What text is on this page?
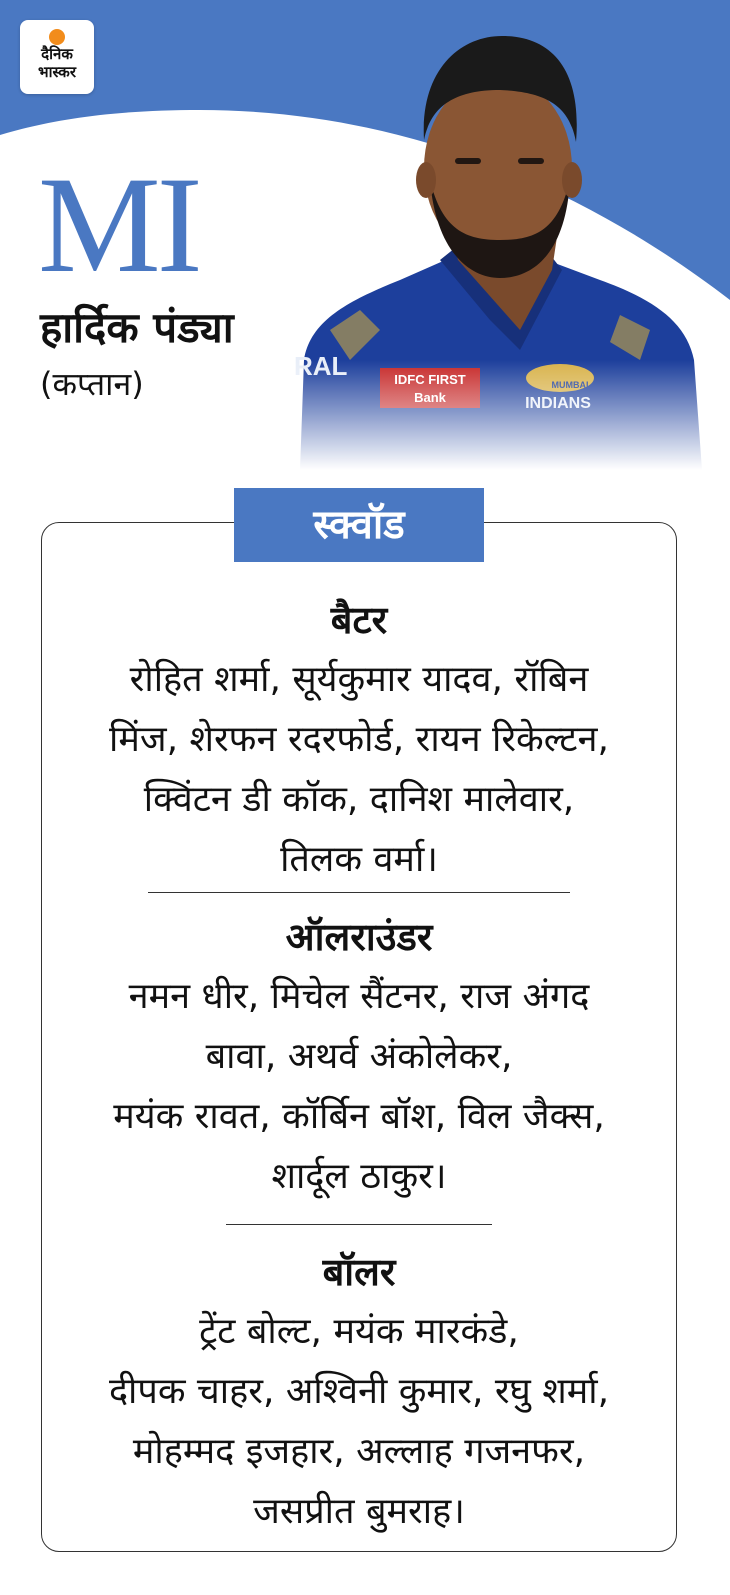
दैनिक
भास्कर
MI
हार्दिक पंड्या
(कप्तान)
स्क्वॉड
बैटर
रोहित शर्मा, सूर्यकुमार यादव, रॉबिन
मिंज, शेरफन रदरफोर्ड, रायन रिकेल्टन,
क्विंटन डी कॉक, दानिश मालेवार,
तिलक वर्मा।
ऑलराउंडर
नमन धीर, मिचेल सैंटनर, राज अंगद
बावा, अथर्व अंकोलेकर,
मयंक रावत, कॉर्बिन बॉश, विल जैक्स,
शार्दूल ठाकुर।
बॉलर
ट्रेंट बोल्ट, मयंक मारकंडे,
दीपक चाहर, अश्विनी कुमार, रघु शर्मा,
मोहम्मद इजहार, अल्लाह गजनफर,
जसप्रीत बुमराह।
